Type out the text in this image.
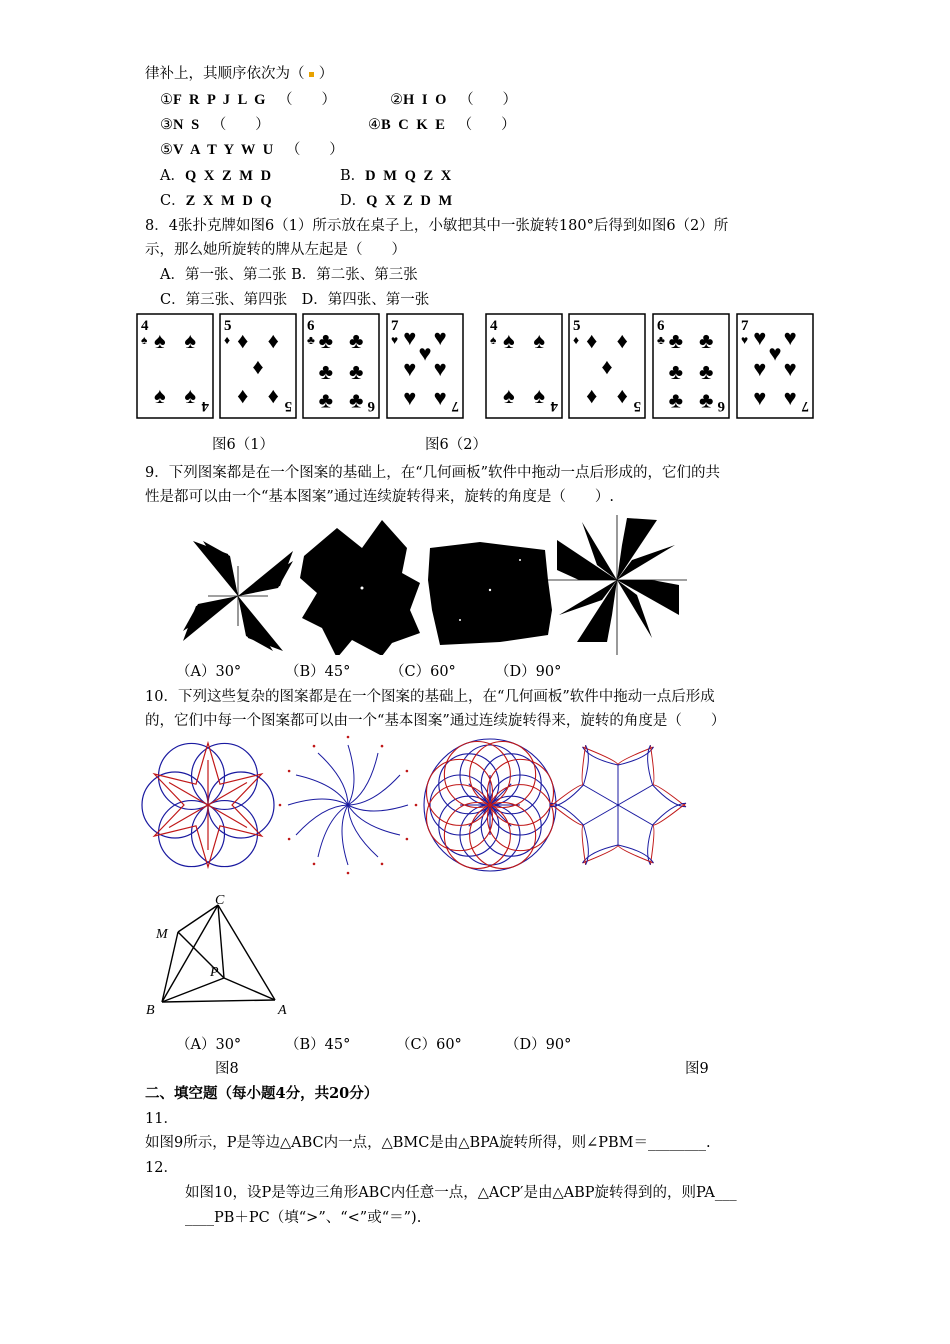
律补上，其顺序依次为（  ）
①F R P J L G （　　）	②H I O （　　）
③N S （　　）	④B C K E （　　）
⑤V A T Y W U （　　）
A．Q X Z M D	B．D M Q Z X
C．Z X M D Q	D．Q X Z D M
8．4张扑克牌如图6（1）所示放在桌子上，小敏把其中一张旋转180°后得到如图6（2）所
示，那么她所旋转的牌从左起是（　　）
A．第一张、第二张 B．第二张、第三张
C．第三张、第四张　D．第四张、第一张
4
♠
4
♠ ♠
♠ ♠
5
♦
5
♦ ♦
♦
♦ ♦
6
♣
6
♣ ♣
♣ ♣
♣ ♣
7
♥
7
♥ ♥
♥
♥ ♥
♥ ♥
4
♠
4
♠ ♠
♠ ♠
5
♦
5
♦ ♦
♦
♦ ♦
6
♣
6
♣ ♣
♣ ♣
♣ ♣
7
♥
7
♥ ♥
♥
♥ ♥
♥ ♥
图6（1）	图6（2）
9．下列图案都是在一个图案的基础上，在“几何画板”软件中拖动一点后形成的，它们的共
性是都可以由一个“基本图案”通过连续旋转得来，旋转的角度是（　　）.
（A）30°	（B）45°	（C）60°	（D）90°
10．下列这些复杂的图案都是在一个图案的基础上，在“几何画板”软件中拖动一点后形成
的，它们中每一个图案都可以由一个“基本图案”通过连续旋转得来，旋转的角度是（　　）
C
M
P
B	A
（A）30°	（B）45°	（C）60°	（D）90°
图8	图9
二、填空题（每小题4分，共20分）
11．
如图9所示，P是等边△ABC内一点，△BMC是由△BPA旋转所得，则∠PBM＝________.
12．
如图10，设P是等边三角形ABC内任意一点，△ACP′是由△ABP旋转得到的，则PA___
____PB＋PC（填“>”、“<”或“＝”).
